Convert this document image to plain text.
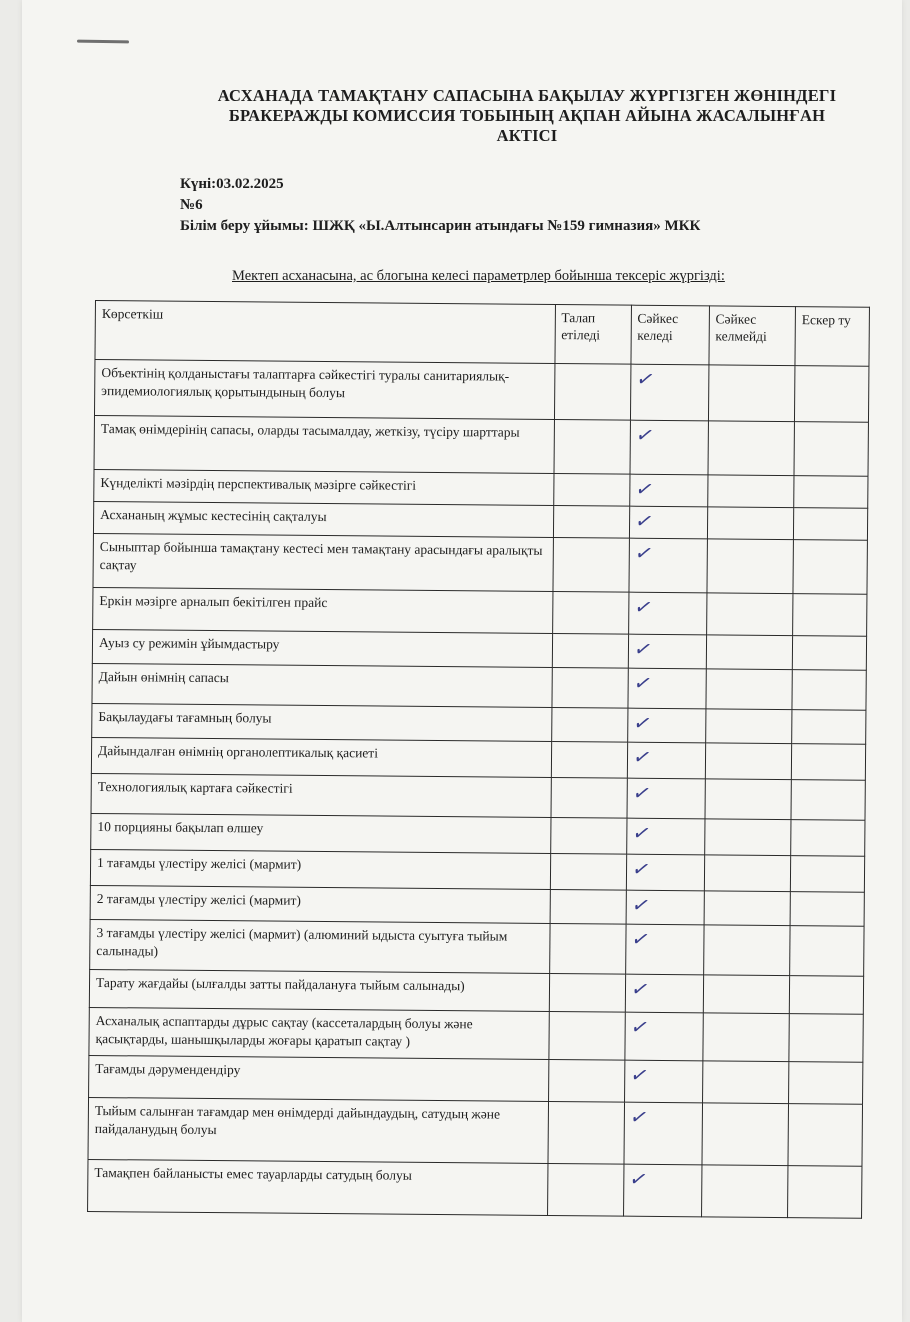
АСХАНАДА ТАМАҚТАНУ САПАСЫНА БАҚЫЛАУ ЖҮРГІЗГЕН ЖӨНІНДЕГІ
БРАКЕРАЖДЫ КОМИССИЯ ТОБЫНЫҢ АҚПАН АЙЫНА ЖАСАЛЫНҒАН
АКТІСІ
Күні:03.02.2025
№6
Білім беру ұйымы: ШЖҚ «Ы.Алтынсарин атындағы №159 гимназия» МКК
Мектеп асханасына, ас блогына келесі параметрлер бойынша тексеріс жүргізді:
Көрсеткіш	Талап етіледі	Сәйкес келеді	Сәйкес келмейді	Ескер ту
Объектінің қолданыстағы талаптарға сәйкестігі туралы санитариялық-эпидемиологиялық қорытындының болуы		✓		
Тамақ өнімдерінің сапасы, оларды тасымалдау, жеткізу, түсіру шарттары		✓		
Күнделікті мәзірдің перспективалық мәзірге сәйкестігі		✓		
Асхананың жұмыс кестесінің сақталуы		✓		
Сыныптар бойынша тамақтану кестесі мен тамақтану арасындағы аралықты сақтау		✓		
Еркін мәзірге арналып бекітілген прайс		✓		
Ауыз су режимін ұйымдастыру		✓		
Дайын өнімнің сапасы		✓		
Бақылаудағы тағамның болуы		✓		
Дайындалған өнімнің органолептикалық қасиеті		✓		
Технологиялық картаға сәйкестігі		✓		
10 порцияны бақылап өлшеу		✓		
1 тағамды үлестіру желісі (мармит)		✓		
2 тағамды үлестіру желісі (мармит)		✓		
3 тағамды үлестіру желісі (мармит) (алюминий ыдыста суытуға тыйым салынады)		✓		
Тарату жағдайы (ылғалды затты пайдалануға тыйым салынады)		✓		
Асханалық аспаптарды дұрыс сақтау (кассеталардың болуы және қасықтарды, шанышқыларды жоғары қаратып сақтау )		✓		
Тағамды дәрумендендіру		✓		
Тыйым салынған тағамдар мен өнімдерді дайындаудың, сатудың және пайдаланудың болуы		✓		
Тамақпен байланысты емес тауарларды сатудың болуы		✓		
